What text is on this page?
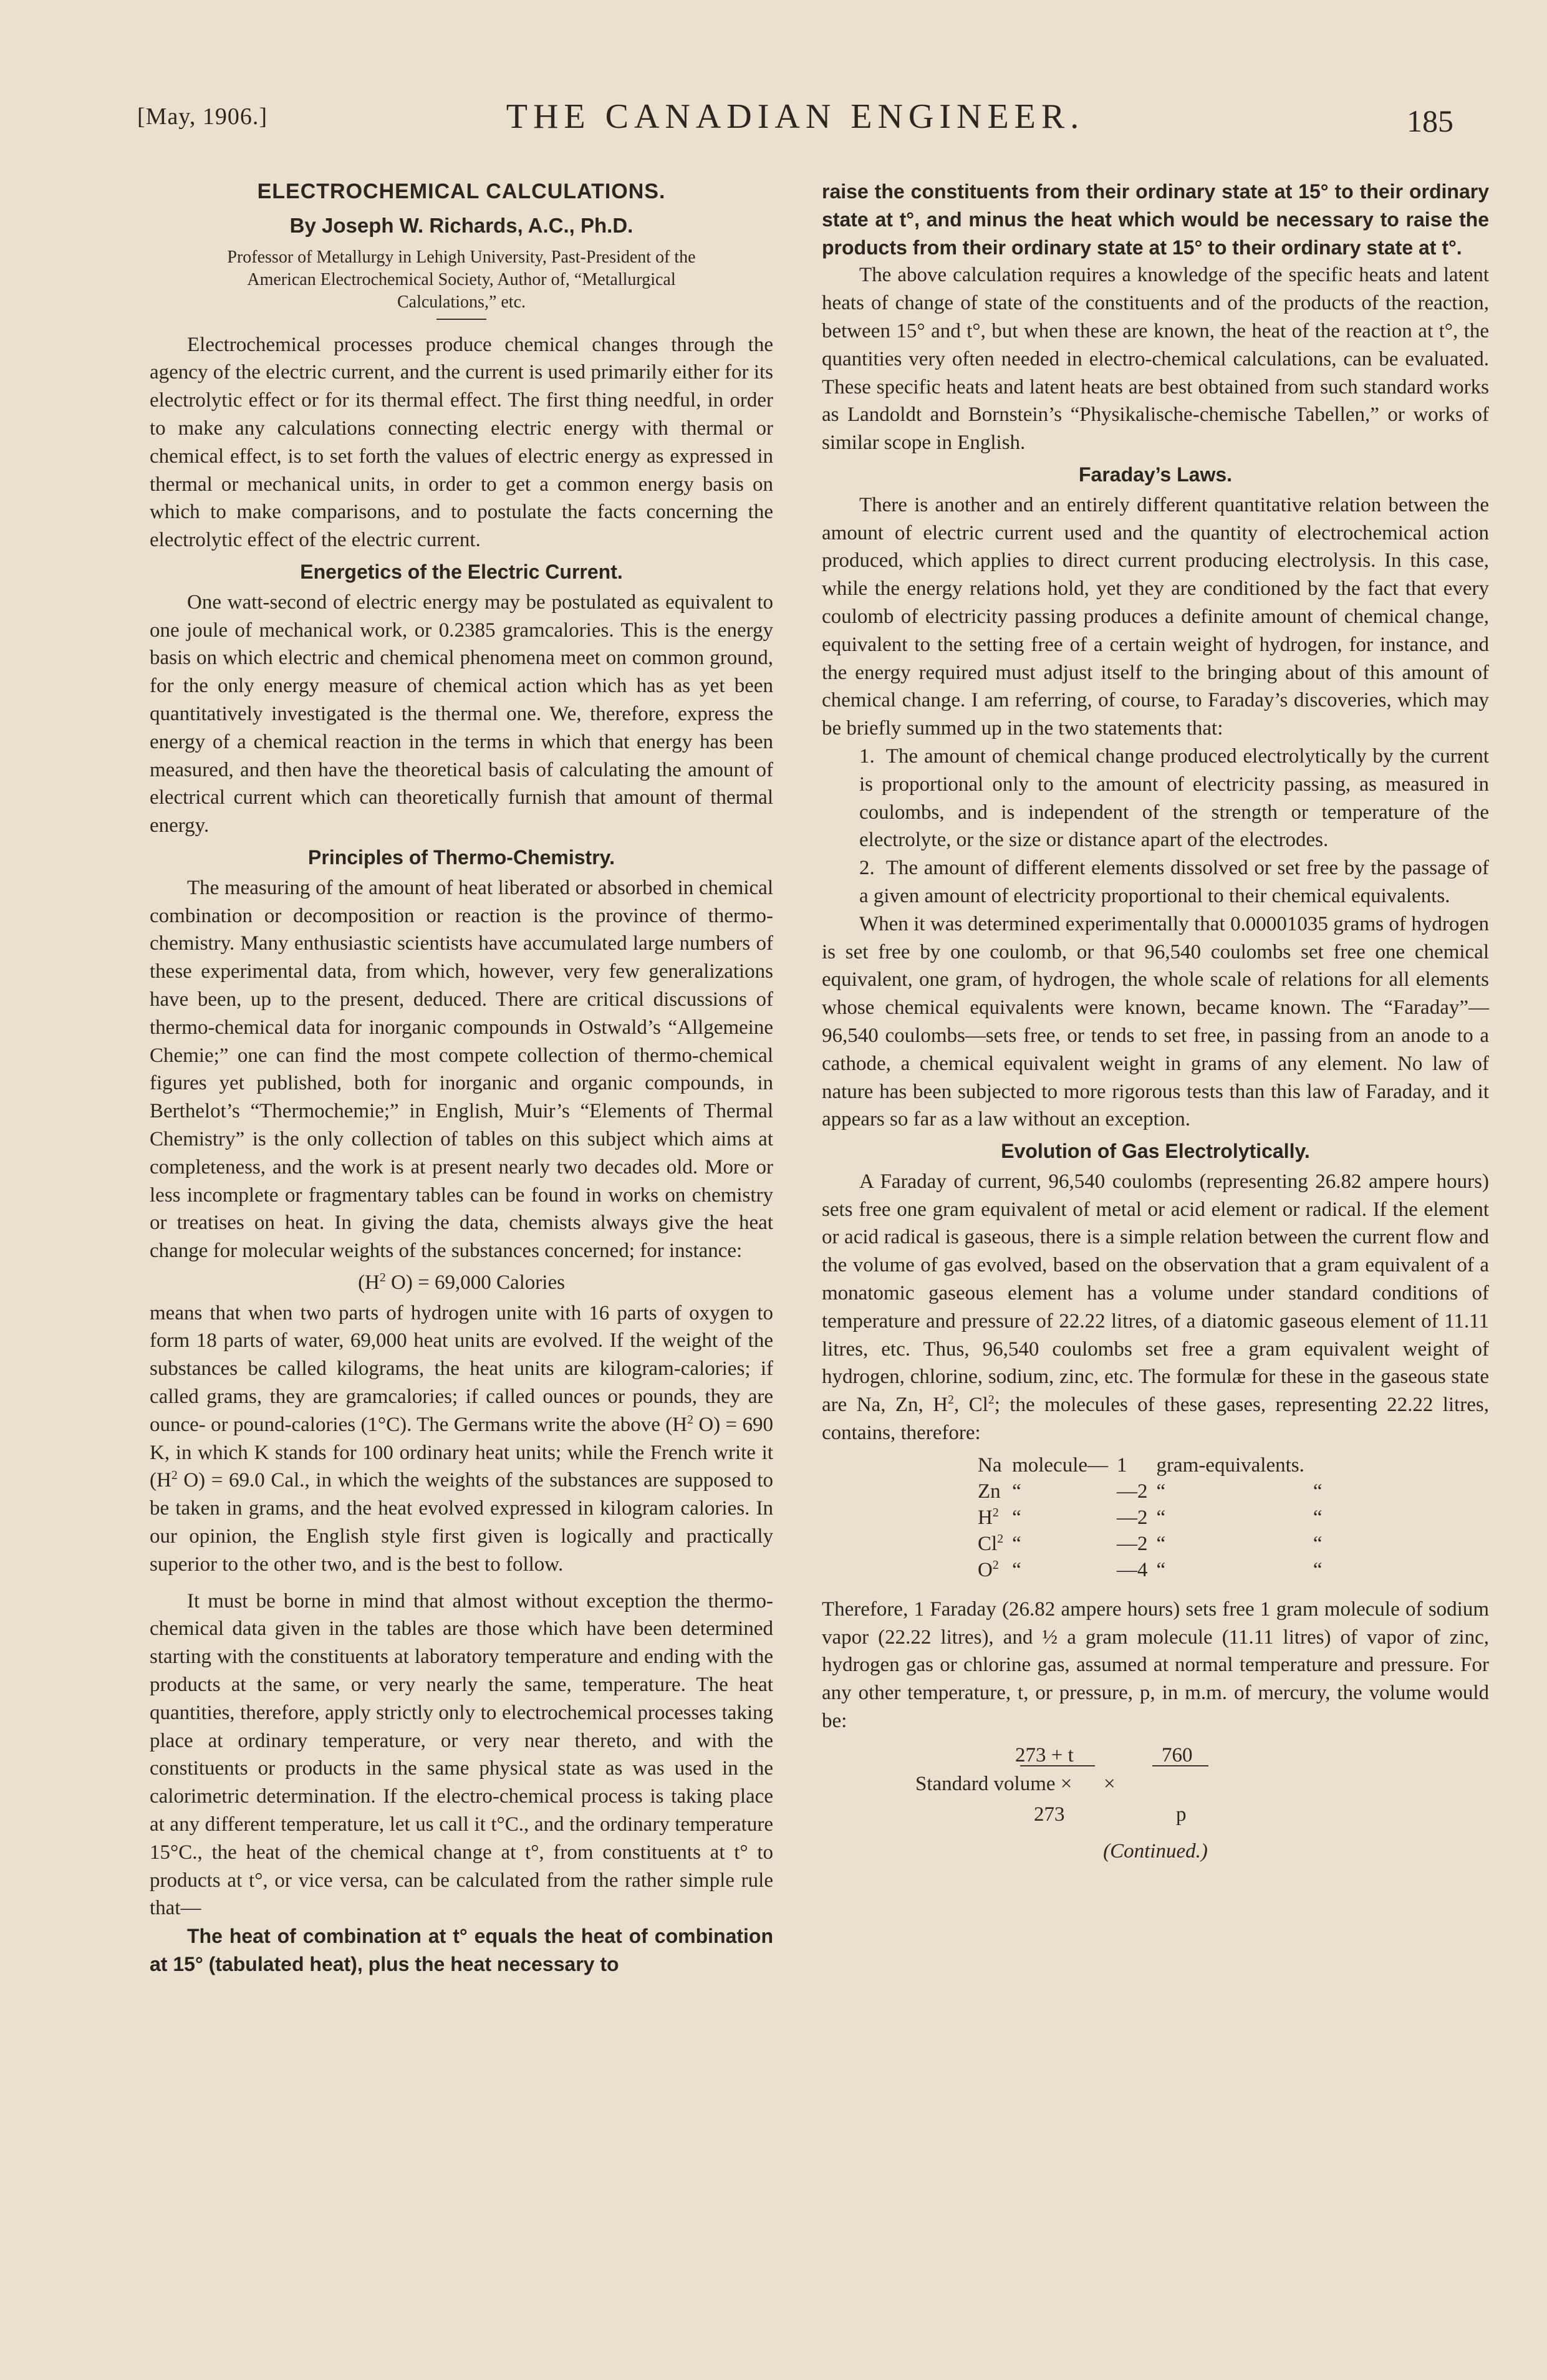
[May, 1906.]	THE CANADIAN ENGINEER.	185
ELECTROCHEMICAL CALCULATIONS.
By Joseph W. Richards, A.C., Ph.D.
Professor of Metallurgy in Lehigh University, Past-President of the American Electrochemical Society, Author of, “Metallurgical Calculations,” etc.

Electrochemical processes produce chemical changes through the agency of the electric current, and the current is used primarily either for its electrolytic effect or for its thermal effect. The first thing needful, in order to make any calculations connecting electric energy with thermal or chemical effect, is to set forth the values of electric energy as expressed in thermal or mechanical units, in order to get a common energy basis on which to make comparisons, and to postulate the facts concerning the electrolytic effect of the electric current.

Energetics of the Electric Current.

One watt-second of electric energy may be postulated as equivalent to one joule of mechanical work, or 0.2385 gramcalories. This is the energy basis on which electric and chemical phenomena meet on common ground, for the only energy measure of chemical action which has as yet been quantitatively investigated is the thermal one. We, therefore, express the energy of a chemical reaction in the terms in which that energy has been measured, and then have the theoretical basis of calculating the amount of electrical current which can theoretically furnish that amount of thermal energy.

Principles of Thermo-Chemistry.

The measuring of the amount of heat liberated or absorbed in chemical combination or decomposition or reaction is the province of thermo-chemistry. Many enthusiastic scientists have accumulated large numbers of these experimental data, from which, however, very few generalizations have been, up to the present, deduced. There are critical discussions of thermo-chemical data for inorganic compounds in Ostwald’s “Allgemeine Chemie;” one can find the most compete collection of thermo-chemical figures yet published, both for inorganic and organic compounds, in Berthelot’s “Thermochemie;” in English, Muir’s “Elements of Thermal Chemistry” is the only collection of tables on this subject which aims at completeness, and the work is at present nearly two decades old. More or less incomplete or fragmentary tables can be found in works on chemistry or treatises on heat. In giving the data, chemists always give the heat change for molecular weights of the substances concerned; for instance:

($H^2$ O) = 69,000 Calories

means that when two parts of hydrogen unite with 16 parts of oxygen to form 18 parts of water, 69,000 heat units are evolved. If the weight of the substances be called kilograms, the heat units are kilogram-calories; if called grams, they are gramcalories; if called ounces or pounds, they are ounce- or pound-calories (1°C). The Germans write the above ($H^2$ O) = 690 K, in which K stands for 100 ordinary heat units; while the French write it ($H^2$ O) = 69.0 Cal., in which the weights of the substances are supposed to be taken in grams, and the heat evolved expressed in kilogram calories. In our opinion, the English style first given is logically and practically superior to the other two, and is the best to follow.

It must be borne in mind that almost without exception the thermo-chemical data given in the tables are those which have been determined starting with the constituents at laboratory temperature and ending with the products at the same, or very nearly the same, temperature. The heat quantities, therefore, apply strictly only to electrochemical processes taking place at ordinary temperature, or very near thereto, and with the constituents or products in the same physical state as was used in the calorimetric determination. If the electro-chemical process is taking place at any different temperature, let us call it t°C., and the ordinary temperature 15°C., the heat of the chemical change at t°, from constituents at t° to products at t°, or vice versa, can be calculated from the rather simple rule that—

The heat of combination at t° equals the heat of combination at 15° (tabulated heat), plus the heat necessary to

raise the constituents from their ordinary state at 15° to their ordinary state at t°, and minus the heat which would be necessary to raise the products from their ordinary state at 15° to their ordinary state at t°.

The above calculation requires a knowledge of the specific heats and latent heats of change of state of the constituents and of the products of the reaction, between 15° and t°, but when these are known, the heat of the reaction at t°, the quantities very often needed in electro-chemical calculations, can be evaluated. These specific heats and latent heats are best obtained from such standard works as Landoldt and Bornstein’s “Physikalische-chemische Tabellen,” or works of similar scope in English.

Faraday’s Laws.

There is another and an entirely different quantitative relation between the amount of electric current used and the quantity of electrochemical action produced, which applies to direct current producing electrolysis. In this case, while the energy relations hold, yet they are conditioned by the fact that every coulomb of electricity passing produces a definite amount of chemical change, equivalent to the setting free of a certain weight of hydrogen, for instance, and the energy required must adjust itself to the bringing about of this amount of chemical change. I am referring, of course, to Faraday’s discoveries, which may be briefly summed up in the two statements that:

1. The amount of chemical change produced electrolytically by the current is proportional only to the amount of electricity passing, as measured in coulombs, and is independent of the strength or temperature of the electrolyte, or the size or distance apart of the electrodes.

2. The amount of different elements dissolved or set free by the passage of a given amount of electricity proportional to their chemical equivalents.

When it was determined experimentally that 0.00001035 grams of hydrogen is set free by one coulomb, or that 96,540 coulombs set free one chemical equivalent, one gram, of hydrogen, the whole scale of relations for all elements whose chemical equivalents were known, became known. The “Faraday”—96,540 coulombs—sets free, or tends to set free, in passing from an anode to a cathode, a chemical equivalent weight in grams of any element. No law of nature has been subjected to more rigorous tests than this law of Faraday, and it appears so far as a law without an exception.

Evolution of Gas Electrolytically.

A Faraday of current, 96,540 coulombs (representing 26.82 ampere hours) sets free one gram equivalent of metal or acid element or radical. If the element or acid radical is gaseous, there is a simple relation between the current flow and the volume of gas evolved, based on the observation that a gram equivalent of a monatomic gaseous element has a volume under standard conditions of temperature and pressure of 22.22 litres, of a diatomic gaseous element of 11.11 litres, etc. Thus, 96,540 coulombs set free a gram equivalent weight of hydrogen, chlorine, sodium, zinc, etc. The formulæ for these in the gaseous state are Na, Zn, $H^2$, Cl$^2$; the molecules of these gases, representing 22.22 litres, contains, therefore:

Na	molecule—	1	gram-equivalents.	
Zn	“	—2	“	“
$H^2$	“	—2	“	“
Cl$^2$	“	—2	“	“
$O^2$	“	—4	“	“

Therefore, 1 Faraday (26.82 ampere hours) sets free 1 gram molecule of sodium vapor (22.22 litres), and ½ a gram molecule (11.11 litres) of vapor of zinc, hydrogen gas or chlorine gas, assumed at normal temperature and pressure. For any other temperature, t, or pressure, p, in m.m. of mercury, the volume would be:

273 + t	760
Standard volume × ×
273	p
(Continued.)
